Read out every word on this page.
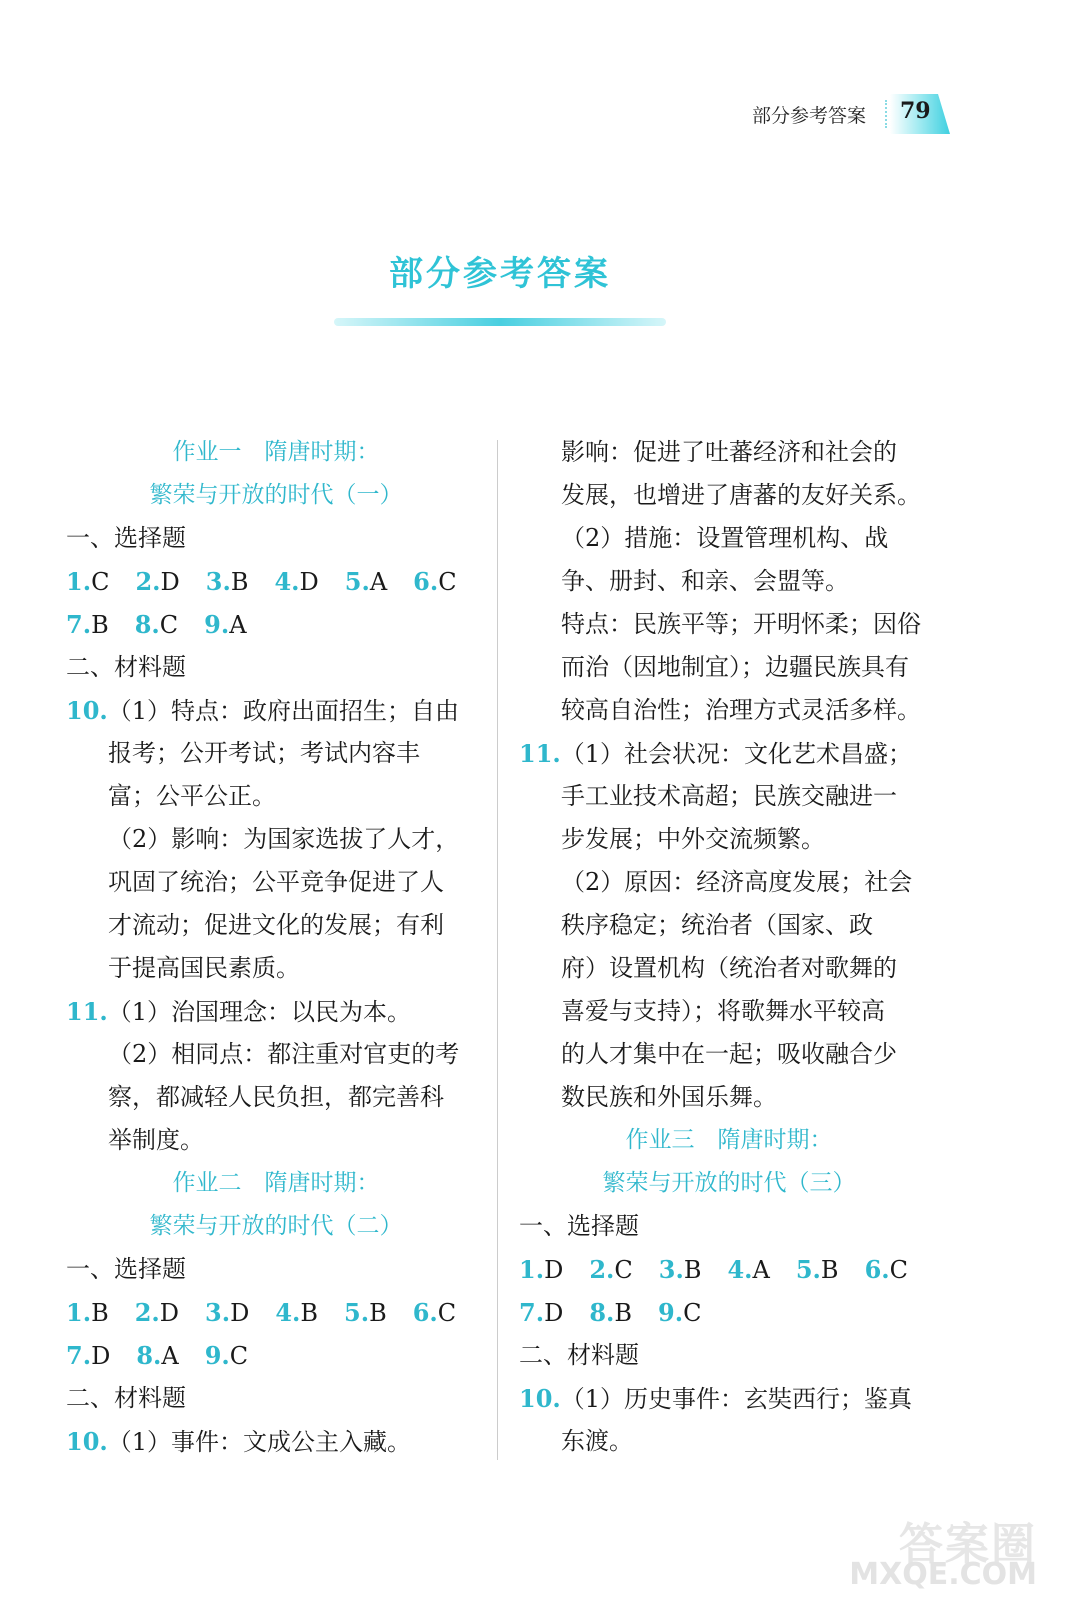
部分参考答案 79
部分参考答案
作业一　隋唐时期：
繁荣与开放的时代（一）
一、选择题
1.C 2.D 3.B 4.D 5.A 6.C
7.B 8.C 9.A
二、材料题
10.（1）特点：政府出面招生；自由
报考；公开考试；考试内容丰
富；公平公正。
（2）影响：为国家选拔了人才，
巩固了统治；公平竞争促进了人
才流动；促进文化的发展；有利
于提高国民素质。
11.（1）治国理念：以民为本。
（2）相同点：都注重对官吏的考
察，都减轻人民负担，都完善科
举制度。
作业二　隋唐时期：
繁荣与开放的时代（二）
一、选择题
1.B 2.D 3.D 4.B 5.B 6.C
7.D 8.A 9.C
二、材料题
10.（1）事件：文成公主入藏。
影响：促进了吐蕃经济和社会的
发展，也增进了唐蕃的友好关系。
（2）措施：设置管理机构、战
争、册封、和亲、会盟等。
特点：民族平等；开明怀柔；因俗
而治（因地制宜）；边疆民族具有
较高自治性；治理方式灵活多样。
11.（1）社会状况：文化艺术昌盛；
手工业技术高超；民族交融进一
步发展；中外交流频繁。
（2）原因：经济高度发展；社会
秩序稳定；统治者（国家、政
府）设置机构（统治者对歌舞的
喜爱与支持）；将歌舞水平较高
的人才集中在一起；吸收融合少
数民族和外国乐舞。
作业三　隋唐时期：
繁荣与开放的时代（三）
一、选择题
1.D 2.C 3.B 4.A 5.B 6.C
7.D 8.B 9.C
二、材料题
10.（1）历史事件：玄奘西行；鉴真
东渡。
答案圈
MXQE.COM
